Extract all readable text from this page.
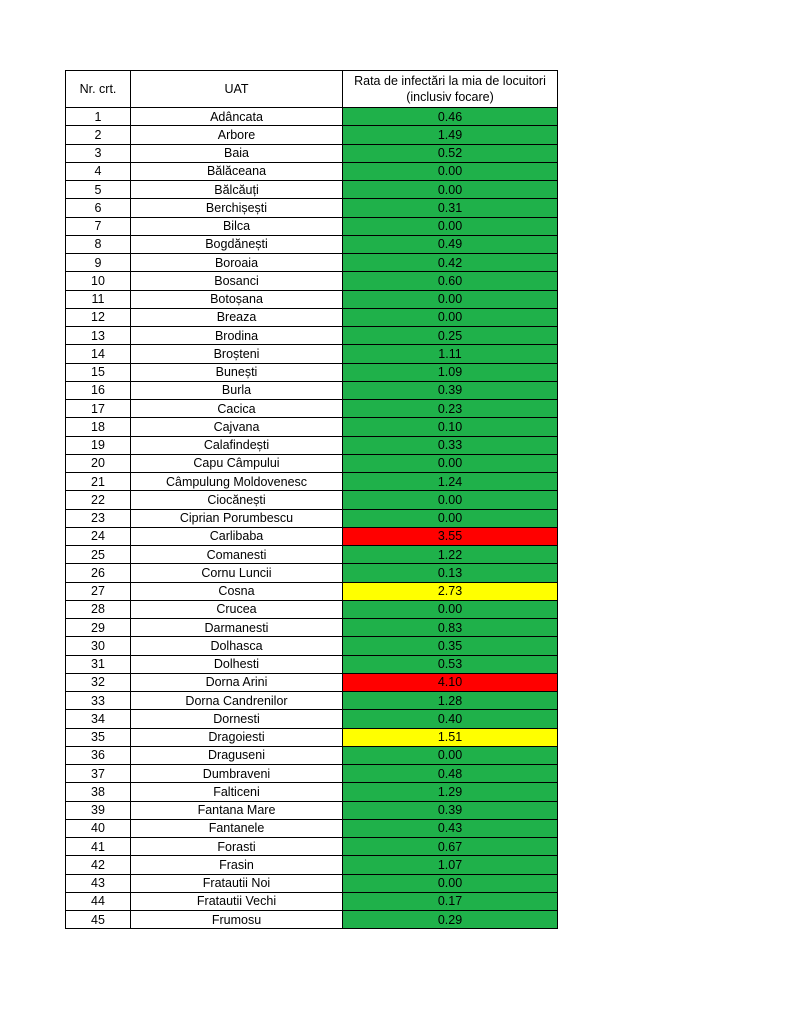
Nr. crt.	UAT	Rata de infectări la mia de locuitori
(inclusiv focare)
1	Adâncata	0.46
2	Arbore	1.49
3	Baia	0.52
4	Bălăceana	0.00
5	Bălcăuți	0.00
6	Berchișești	0.31
7	Bilca	0.00
8	Bogdănești	0.49
9	Boroaia	0.42
10	Bosanci	0.60
11	Botoșana	0.00
12	Breaza	0.00
13	Brodina	0.25
14	Broșteni	1.11
15	Bunești	1.09
16	Burla	0.39
17	Cacica	0.23
18	Cajvana	0.10
19	Calafindești	0.33
20	Capu Câmpului	0.00
21	Câmpulung Moldovenesc	1.24
22	Ciocănești	0.00
23	Ciprian Porumbescu	0.00
24	Carlibaba	3.55
25	Comanesti	1.22
26	Cornu Luncii	0.13
27	Cosna	2.73
28	Crucea	0.00
29	Darmanesti	0.83
30	Dolhasca	0.35
31	Dolhesti	0.53
32	Dorna Arini	4.10
33	Dorna Candrenilor	1.28
34	Dornesti	0.40
35	Dragoiesti	1.51
36	Draguseni	0.00
37	Dumbraveni	0.48
38	Falticeni	1.29
39	Fantana Mare	0.39
40	Fantanele	0.43
41	Forasti	0.67
42	Frasin	1.07
43	Fratautii Noi	0.00
44	Fratautii Vechi	0.17
45	Frumosu	0.29
